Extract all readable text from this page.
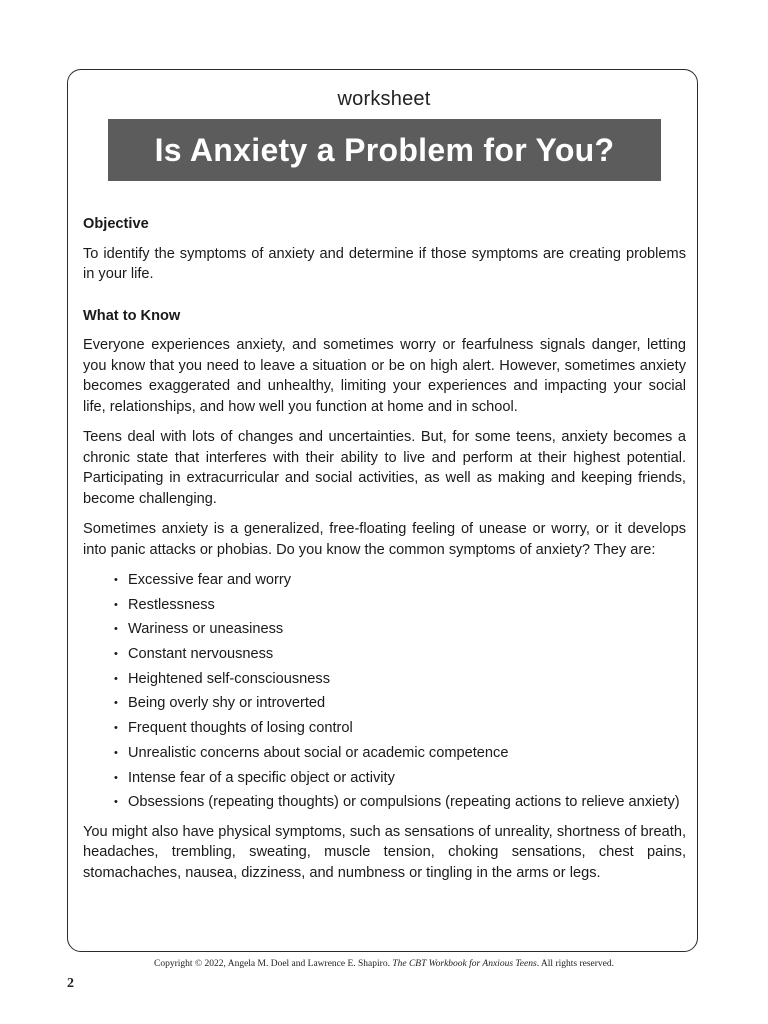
worksheet
Is Anxiety a Problem for You?
Objective

To identify the symptoms of anxiety and determine if those symptoms are creating problems in your life.

What to Know

Everyone experiences anxiety, and sometimes worry or fearfulness signals danger, letting you know that you need to leave a situation or be on high alert. However, sometimes anxiety becomes exaggerated and unhealthy, limiting your experiences and impacting your social life, relationships, and how well you function at home and in school.

Teens deal with lots of changes and uncertainties. But, for some teens, anxiety becomes a chronic state that interferes with their ability to live and perform at their highest potential. Participating in extracurricular and social activities, as well as making and keeping friends, become challenging.

Sometimes anxiety is a generalized, free-floating feeling of unease or worry, or it develops into panic attacks or phobias. Do you know the common symptoms of anxiety? They are:

• Excessive fear and worry
• Restlessness
• Wariness or uneasiness
• Constant nervousness
• Heightened self-consciousness
• Being overly shy or introverted
• Frequent thoughts of losing control
• Unrealistic concerns about social or academic competence
• Intense fear of a specific object or activity
• Obsessions (repeating thoughts) or compulsions (repeating actions to relieve anxiety)

You might also have physical symptoms, such as sensations of unreality, shortness of breath, headaches, trembling, sweating, muscle tension, choking sensations, chest pains, stomachaches, nausea, dizziness, and numbness or tingling in the arms or legs.

Copyright © 2022, Angela M. Doel and Lawrence E. Shapiro. The CBT Workbook for Anxious Teens. All rights reserved.
2
